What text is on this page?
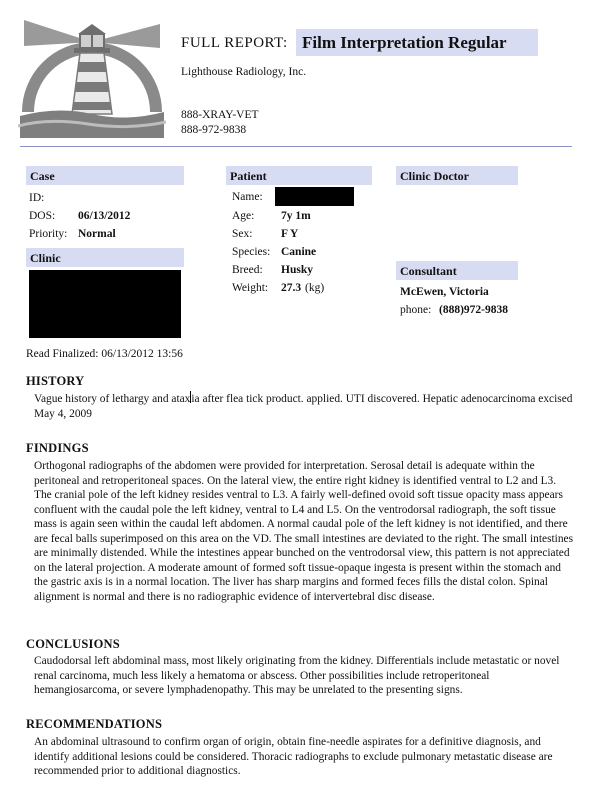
FULL REPORT: Film Interpretation Regular
Lighthouse Radiology, Inc.
888-XRAY-VET
888-972-9838
Case
ID:
DOS: 06/13/2012
Priority: Normal
Clinic
Patient
Name:
Age: 7y 1m
Sex: F Y
Species: Canine
Breed: Husky
Weight: 27.3 (kg)
Clinic Doctor
Consultant
McEwen, Victoria
phone: (888)972-9838
Read Finalized: 06/13/2012 13:56
HISTORY
Vague history of lethargy and ataxia after flea tick product. applied. UTI discovered. Hepatic adenocarcinoma excised May 4, 2009
FINDINGS
Orthogonal radiographs of the abdomen were provided for interpretation. Serosal detail is adequate within the peritoneal and retroperitoneal spaces. On the lateral view, the entire right kidney is identified ventral to L2 and L3. The cranial pole of the left kidney resides ventral to L3. A fairly well-defined ovoid soft tissue opacity mass appears confluent with the caudal pole the left kidney, ventral to L4 and L5. On the ventrodorsal radiograph, the soft tissue mass is again seen within the caudal left abdomen. A normal caudal pole of the left kidney is not identified, and there are fecal balls superimposed on this area on the VD. The small intestines are deviated to the right. The small intestines are minimally distended. While the intestines appear bunched on the ventrodorsal view, this pattern is not appreciated on the lateral projection. A moderate amount of formed soft tissue-opaque ingesta is present within the stomach and the gastric axis is in a normal location. The liver has sharp margins and formed feces fills the distal colon. Spinal alignment is normal and there is no radiographic evidence of intervertebral disc disease.
CONCLUSIONS
Caudodorsal left abdominal mass, most likely originating from the kidney. Differentials include metastatic or novel renal carcinoma, much less likely a hematoma or abscess. Other possibilities include retroperitoneal hemangiosarcoma, or severe lymphadenopathy. This may be unrelated to the presenting signs.
RECOMMENDATIONS
An abdominal ultrasound to confirm organ of origin, obtain fine-needle aspirates for a definitive diagnosis, and identify additional lesions could be considered. Thoracic radiographs to exclude pulmonary metastatic disease are recommended prior to additional diagnostics.
